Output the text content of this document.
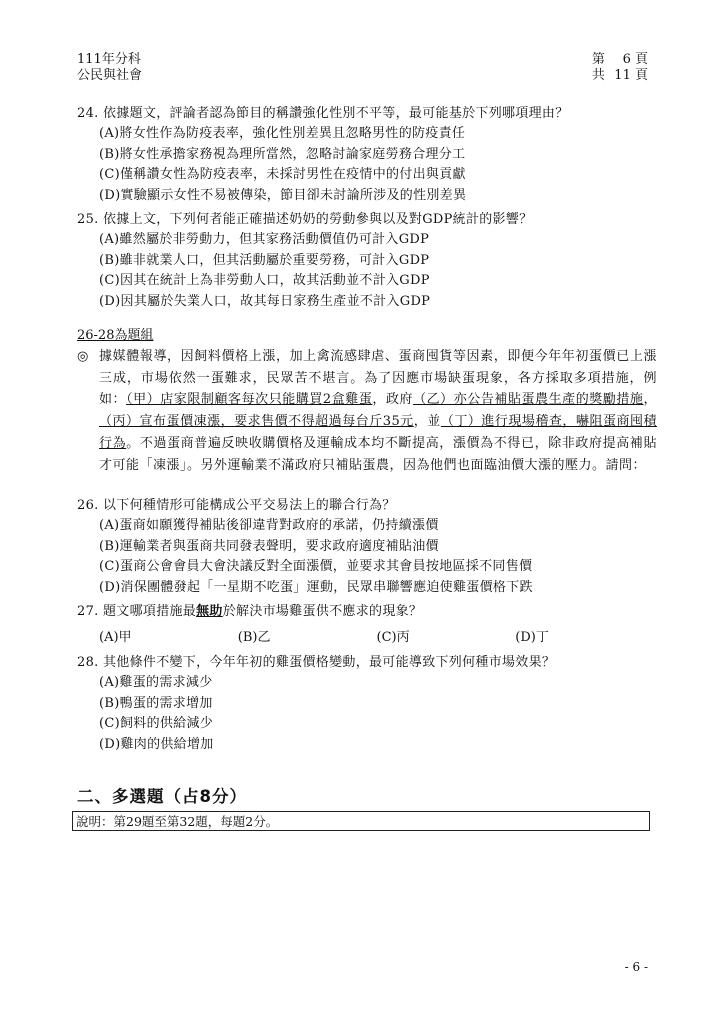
111年分科
公民與社會
第 6 頁
共 11 頁
24. 依據題文，評論者認為節目的稱讚強化性別不平等，最可能基於下列哪項理由？
(A)將女性作為防疫表率，強化性別差異且忽略男性的防疫責任
(B)將女性承擔家務視為理所當然，忽略討論家庭勞務合理分工
(C)僅稱讚女性為防疫表率，未採討男性在疫情中的付出與貢獻
(D)實驗顯示女性不易被傳染，節目卻未討論所涉及的性別差異
25. 依據上文，下列何者能正確描述奶奶的勞動參與以及對GDP統計的影響？
(A)雖然屬於非勞動力，但其家務活動價值仍可計入GDP
(B)雖非就業人口，但其活動屬於重要勞務，可計入GDP
(C)因其在統計上為非勞動人口，故其活動並不計入GDP
(D)因其屬於失業人口，故其每日家務生產並不計入GDP
26-28為題組
◎ 據媒體報導，因飼料價格上漲，加上禽流感肆虐、蛋商囤貨等因素，即便今年年初蛋價已上漲三成，市場依然一蛋難求，民眾苦不堪言。為了因應市場缺蛋現象，各方採取多項措施，例如：（甲）店家限制顧客每次只能購買2盒雞蛋，政府（乙）亦公告補貼蛋農生產的獎勵措施，（丙）宣布蛋價凍漲，要求售價不得超過每台斤35元，並（丁）進行現場稽查，嚇阻蛋商囤積行為。不過蛋商普遍反映收購價格及運輸成本均不斷提高，漲價為不得已，除非政府提高補貼才可能「凍漲」。另外運輸業不滿政府只補貼蛋農，因為他們也面臨油價大漲的壓力。請問：
26. 以下何種情形可能構成公平交易法上的聯合行為？
(A)蛋商如願獲得補貼後卻違背對政府的承諾，仍持續漲價
(B)運輸業者與蛋商共同發表聲明，要求政府適度補貼油價
(C)蛋商公會會員大會決議反對全面漲價，並要求其會員按地區採不同售價
(D)消保團體發起「一星期不吃蛋」運動，民眾串聯響應迫使雞蛋價格下跌
27. 題文哪項措施最無助於解決市場雞蛋供不應求的現象？
(A)甲	(B)乙	(C)丙	(D)丁
28. 其他條件不變下，今年年初的雞蛋價格變動，最可能導致下列何種市場效果？
(A)雞蛋的需求減少
(B)鴨蛋的需求增加
(C)飼料的供給減少
(D)雞肉的供給增加
二、多選題（占8分）
說明：第29題至第32題，每題2分。
- 6 -
